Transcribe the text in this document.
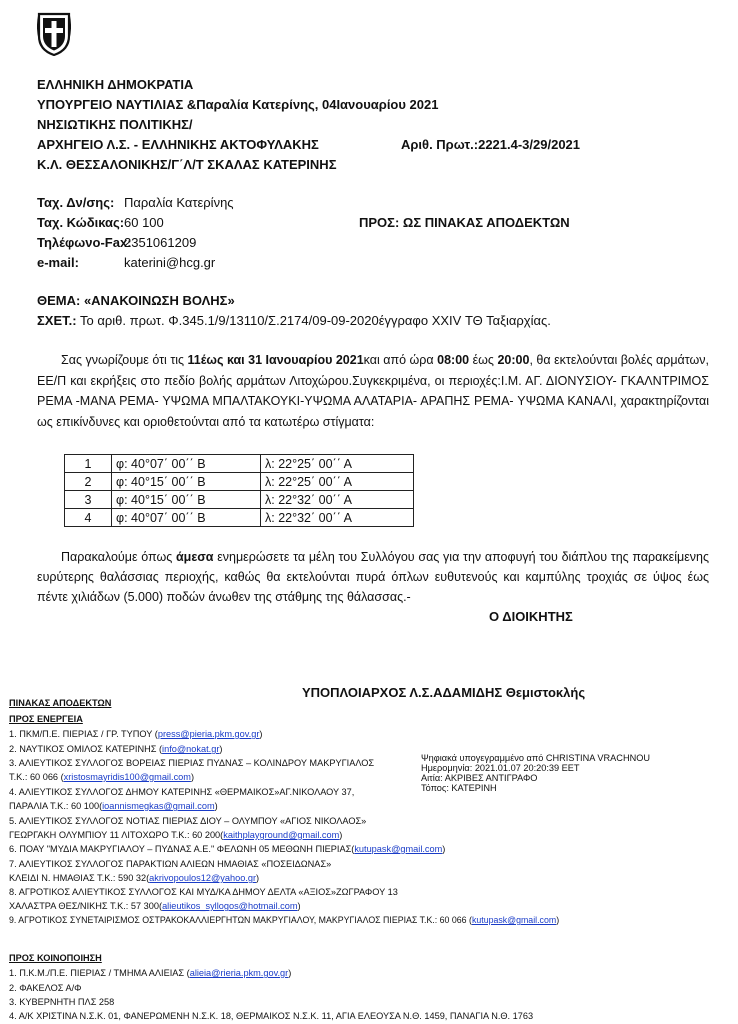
ΕΛΛΗΝΙΚΗ ΔΗΜΟΚΡΑΤΙΑ
ΥΠΟΥΡΓΕΙΟ ΝΑΥΤΙΛΙΑΣ &Παραλία Κατερίνης, 04Ιανουαρίου 2021
ΝΗΣΙΩΤΙΚΗΣ ΠΟΛΙΤΙΚΗΣ/
ΑΡΧΗΓΕΙΟ Λ.Σ. - ΕΛΛΗΝΙΚΗΣ ΑΚΤΟΦΥΛΑΚΗΣ	Αριθ. Πρωτ.:2221.4-3/29/2021
Κ.Λ. ΘΕΣΣΑΛΟΝΙΚΗΣ/Γ΄Λ/Τ ΣΚΑΛΑΣ ΚΑΤΕΡΙΝΗΣ
Ταχ. Δν/σης: Παραλία Κατερίνης
Ταχ. Κώδικας: 60 100	ΠΡΟΣ: ΩΣ ΠΙΝΑΚΑΣ ΑΠΟΔΕΚΤΩΝ
Τηλέφωνο-Fax:
2351061209
e-mail:	katerini@hcg.gr
ΘΕΜΑ: «ΑΝΑΚΟΙΝΩΣΗ ΒΟΛΗΣ»
ΣΧΕΤ.: Το αριθ. πρωτ. Φ.345.1/9/13110/Σ.2174/09-09-2020έγγραφο XXIV ΤΘ Ταξιαρχίας.

Σας γνωρίζουμε ότι τις 11έως και 31 Ιανουαρίου 2021και από ώρα 08:00 έως 20:00, θα εκτελούνται βολές αρμάτων, ΕΕ/Π και εκρήξεις στο πεδίο βολής αρμάτων Λιτοχώρου.Συγκεκριμένα, οι περιοχές:Ι.Μ. ΑΓ. ΔΙΟΝΥΣΙΟΥ- ΓΚΑΛΝΤΡΙΜΟΣ ΡΕΜΑ -ΜΑΝΑ ΡΕΜΑ- ΥΨΩΜΑ ΜΠΑΛΤΑΚΟΥΚΙ-ΥΨΩΜΑ ΑΛΑΤΑΡΙΑ- ΑΡΑΠΗΣ ΡΕΜΑ- ΥΨΩΜΑ ΚΑΝΑΛΙ, χαρακτηρίζονται ως επικίνδυνες και οριοθετούνται από τα κατωτέρω στίγματα:

1	φ: 40°07΄ 00΄΄ Β	λ: 22°25΄ 00΄΄ Α
2	φ: 40°15΄ 00΄΄ Β	λ: 22°25΄ 00΄΄ Α
3	φ: 40°15΄ 00΄΄ Β	λ: 22°32΄ 00΄΄ Α
4	φ: 40°07΄ 00΄΄ Β	λ: 22°32΄ 00΄΄ Α

Παρακαλούμε όπως άμεσα ενημερώσετε τα μέλη του Συλλόγου σας για την αποφυγή του διάπλου της παρακείμενης ευρύτερης θαλάσσιας περιοχής, καθώς θα εκτελούνται πυρά όπλων ευθυτενούς και καμπύλης τροχιάς σε ύψος έως πέντε χιλιάδων (5.000) ποδών άνωθεν της στάθμης της θάλασσας.-

Ο ΔΙΟΙΚΗΤΗΣ
ΥΠΟΠΛΟΙΑΡΧΟΣ Λ.Σ.ΑΔΑΜΙΔΗΣ Θεμιστοκλής
ΠΙΝΑΚΑΣ ΑΠΟΔΕΚΤΩΝ
ΠΡΟΣ ΕΝΕΡΓΕΙΑ
1. ΠΚΜ/Π.Ε. ΠΙΕΡΙΑΣ / ΓΡ. ΤΥΠΟΥ (press@pieria.pkm.gov.gr)
2. ΝΑΥΤΙΚΟΣ ΟΜΙΛΟΣ ΚΑΤΕΡΙΝΗΣ (info@nokat.gr)
3. ΑΛΙΕΥΤΙΚΟΣ ΣΥΛΛΟΓΟΣ ΒΟΡΕΙΑΣ ΠΙΕΡΙΑΣ ΠΥΔΝΑΣ – ΚΟΛΙΝΔΡΟΥ ΜΑΚΡΥΓΙΑΛΟΣ
Τ.Κ.: 60 066 (xristosmayridis100@gmail.com)
4. ΑΛΙΕΥΤΙΚΟΣ ΣΥΛΛΟΓΟΣ ΔΗΜΟΥ ΚΑΤΕΡΙΝΗΣ «ΘΕΡΜΑΙΚΟΣ»ΑΓ.ΝΙΚΟΛΑΟΥ 37,
ΠΑΡΑΛΙΑ Τ.Κ.: 60 100(ioannismegkas@gmail.com)
5. ΑΛΙΕΥΤΙΚΟΣ ΣΥΛΛΟΓΟΣ ΝΟΤΙΑΣ ΠΙΕΡΙΑΣ ΔΙΟΥ – ΟΛΥΜΠΟΥ «ΑΓΙΟΣ ΝΙΚΟΛΑΟΣ»
ΓΕΩΡΓΑΚΗ ΟΛΥΜΠΙΟΥ 11 ΛΙΤΟΧΩΡΟ Τ.Κ.: 60 200(kaithplayground@gmail.com)
6. ΠΟΑΥ "ΜΥΔΙΑ ΜΑΚΡΥΓΙΑΛΟΥ – ΠΥΔΝΑΣ Α.Ε." ΦΕΛΩΝΗ 05 ΜΕΘΩΝΗ ΠΙΕΡΙΑΣ(kutupask@gmail.com)
7. ΑΛΙΕΥΤΙΚΟΣ ΣΥΛΛΟΓΟΣ ΠΑΡΑΚΤΙΩΝ ΑΛΙΕΩΝ ΗΜΑΘΙΑΣ «ΠΟΣΕΙΔΩΝΑΣ»
ΚΛΕΙΔΙ Ν. ΗΜΑΘΙΑΣ Τ.Κ.: 590 32(akrivopoulos12@yahoo.gr)
8. ΑΓΡΟΤΙΚΟΣ ΑΛΙΕΥΤΙΚΟΣ ΣΥΛΛΟΓΟΣ ΚΑΙ ΜΥΔ/ΚΑ ΔΗΜΟΥ ΔΕΛΤΑ «ΑΞΙΟΣ»ΖΩΓΡΑΦΟΥ 13
ΧΑΛΑΣΤΡΑ ΘΕΣ/ΝΙΚΗΣ Τ.Κ.: 57 300(alieutikos_syllogos@hotmail.com)
9. ΑΓΡΟΤΙΚΟΣ ΣΥΝΕΤΑΙΡΙΣΜΟΣ ΟΣΤΡΑΚΟΚΑΛΛΙΕΡΓΗΤΩΝ ΜΑΚΡΥΓΙΑΛΟΥ, ΜΑΚΡΥΓΙΑΛΟΣ ΠΙΕΡΙΑΣ Τ.Κ.: 60 066 (kutupask@gmail.com)
ΠΡΟΣ ΚΟΙΝΟΠΟΙΗΣΗ
1. Π.Κ.Μ./Π.Ε. ΠΙΕΡΙΑΣ / ΤΜΗΜΑ ΑΛΙΕΙΑΣ (alieia@rieria.pkm.gov.gr)
2. ΦΑΚΕΛΟΣ Α/Φ
3. ΚΥΒΕΡΝΗΤΗ ΠΛΣ 258
4. Α/Κ ΧΡΙΣΤΙΝΑ Ν.Σ.Κ. 01, ΦΑΝΕΡΩΜΕΝΗ Ν.Σ.Κ. 18, ΘΕΡΜΑΙΚΟΣ Ν.Σ.Κ. 11, ΑΓΙΑ ΕΛΕΟΥΣΑ Ν.Θ. 1459, ΠΑΝΑΓΙΑ Ν.Θ. 1763
Ψηφιακά υπογεγραμμένο από CHRISTINA VRACHNOU
Ημερομηνία: 2021.01.07 20:20:39 EET
Αιτία: ΑΚΡΙΒΕΣ ΑΝΤΙΓΡΑΦΟ
Τόπος: ΚΑΤΕΡΙΝΗ
